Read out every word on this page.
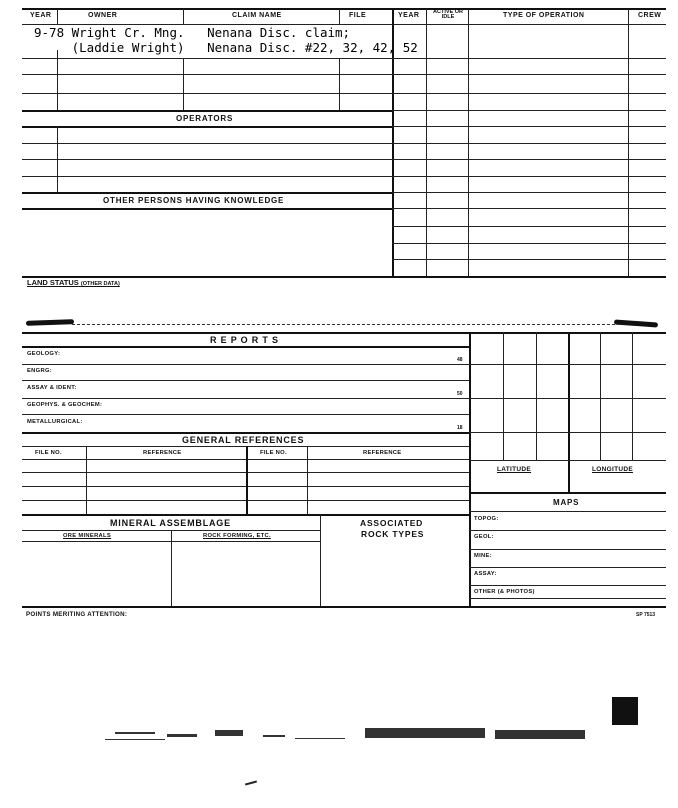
YEAR	OWNER	CLAIM NAME	FILE	YEAR	ACTIVE OR IDLE	TYPE OF OPERATION	CREW
9-78 Wright Cr. Mng.   Nenana Disc. claim;
(Laddie Wright)   Nenana Disc. #22, 32, 42, 52
OPERATORS
OTHER PERSONS HAVING KNOWLEDGE
LAND STATUS (OTHER DATA)
R E P O R T S
GEOLOGY:
48
ENGRG:
ASSAY & IDENT:
50
GEOPHYS. & GEOCHEM:
METALLURGICAL:
18
GENERAL REFERENCES
FILE NO.	REFERENCE	FILE NO.	REFERENCE
MINERAL ASSEMBLAGE	ASSOCIATED
ROCK TYPES
ORE MINERALS	ROCK FORMING, ETC.
LATITUDE	LONGITUDE
MAPS
TOPOG:
GEOL:
MINE:
ASSAY:
OTHER (& PHOTOS)
POINTS MERITING ATTENTION:	SP 7513
